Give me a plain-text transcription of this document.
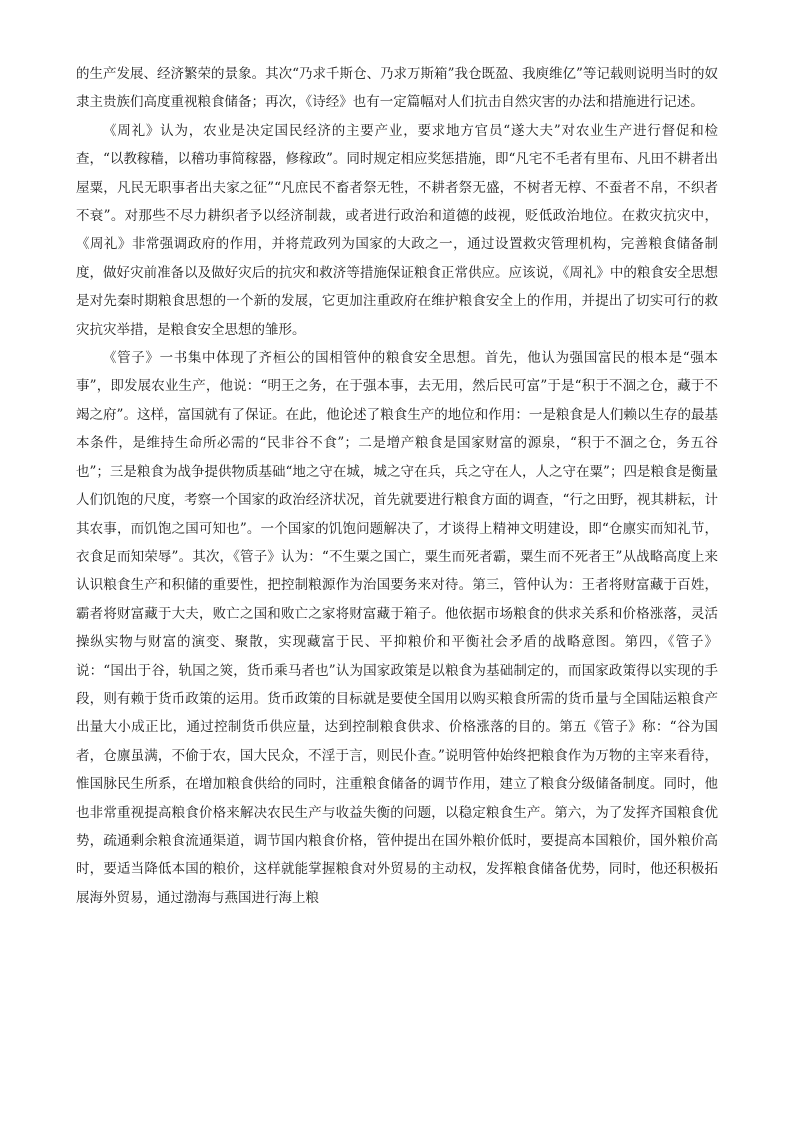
的生产发展、经济繁荣的景象。其次“乃求千斯仓、乃求万斯箱”我仓既盈、我庾维亿”等记载则说明当时的奴隶主贵族们高度重视粮食储备；再次，《诗经》也有一定篇幅对人们抗击自然灾害的办法和措施进行记述。

《周礼》认为，农业是决定国民经济的主要产业，要求地方官员“遂大夫”对农业生产进行督促和检查，“以教稼穑，以稽功事简稼器，修稼政”。同时规定相应奖惩措施，即“凡宅不毛者有里布、凡田不耕者出屋粟，凡民无职事者出夫家之征”“凡庶民不畜者祭无牲，不耕者祭无盛，不树者无椁、不蚕者不帛，不织者不衰”。对那些不尽力耕织者予以经济制裁，或者进行政治和道德的歧视，贬低政治地位。在救灾抗灾中，《周礼》非常强调政府的作用，并将荒政列为国家的大政之一，通过设置救灾管理机构，完善粮食储备制度，做好灾前准备以及做好灾后的抗灾和救济等措施保证粮食正常供应。应该说，《周礼》中的粮食安全思想是对先秦时期粮食思想的一个新的发展，它更加注重政府在维护粮食安全上的作用，并提出了切实可行的救灾抗灾举措，是粮食安全思想的雏形。

《管子》一书集中体现了齐桓公的国相管仲的粮食安全思想。首先，他认为强国富民的根本是“强本事”，即发展农业生产，他说：“明王之务，在于强本事，去无用，然后民可富”于是“积于不涸之仓，藏于不竭之府”。这样，富国就有了保证。在此，他论述了粮食生产的地位和作用：一是粮食是人们赖以生存的最基本条件，是维持生命所必需的“民非谷不食”；二是增产粮食是国家财富的源泉，“积于不涸之仓，务五谷也”；三是粮食为战争提供物质基础“地之守在城，城之守在兵，兵之守在人，人之守在粟”；四是粮食是衡量人们饥饱的尺度，考察一个国家的政治经济状况，首先就要进行粮食方面的调查，“行之田野，视其耕耘，计其农事，而饥饱之国可知也”。一个国家的饥饱问题解决了，才谈得上精神文明建设，即“仓廪实而知礼节，衣食足而知荣辱”。其次，《管子》认为：“不生粟之国亡，粟生而死者霸，粟生而不死者王”从战略高度上来认识粮食生产和积储的重要性，把控制粮源作为治国要务来对待。第三，管仲认为：王者将财富藏于百姓，霸者将财富藏于大夫，败亡之国和败亡之家将财富藏于箱子。他依据市场粮食的供求关系和价格涨落，灵活操纵实物与财富的演变、聚散，实现藏富于民、平抑粮价和平衡社会矛盾的战略意图。第四，《管子》说：“国出于谷，轨国之筴，货币乘马者也”认为国家政策是以粮食为基础制定的，而国家政策得以实现的手段，则有赖于货币政策的运用。货币政策的目标就是要使全国用以购买粮食所需的货币量与全国陆运粮食产出量大小成正比，通过控制货币供应量，达到控制粮食供求、价格涨落的目的。第五《管子》称：“谷为国者，仓廪虽满，不偷于农，国大民众，不淫于言，则民仆查。”说明管仲始终把粮食作为万物的主宰来看待，惟国脉民生所系，在增加粮食供给的同时，注重粮食储备的调节作用，建立了粮食分级储备制度。同时，他也非常重视提高粮食价格来解决农民生产与收益失衡的问题，以稳定粮食生产。第六，为了发挥齐国粮食优势，疏通剩余粮食流通渠道，调节国内粮食价格，管仲提出在国外粮价低时，要提高本国粮价，国外粮价高时，要适当降低本国的粮价，这样就能掌握粮食对外贸易的主动权，发挥粮食储备优势，同时，他还积极拓展海外贸易，通过渤海与燕国进行海上粮
